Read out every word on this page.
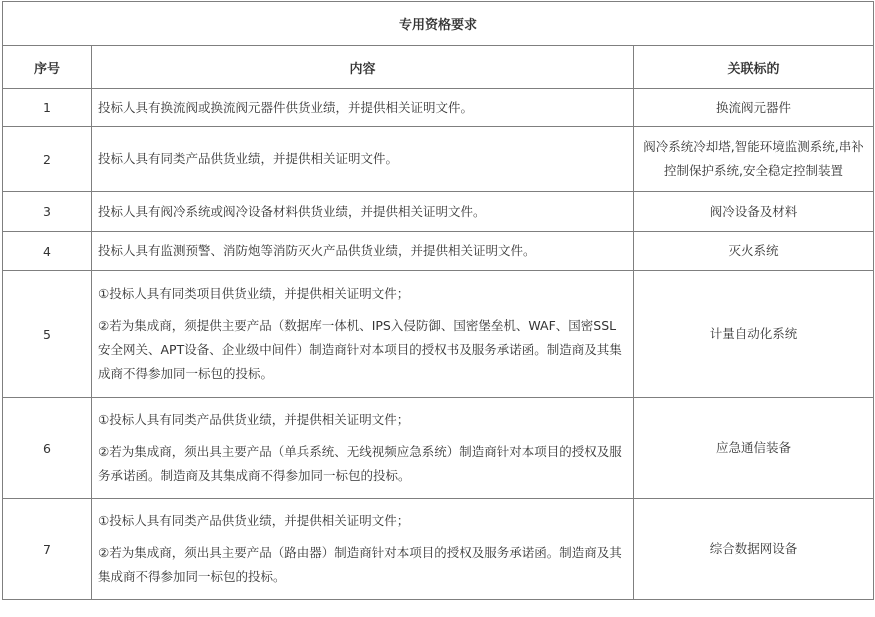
专用资格要求		
序号	内容	关联标的
1	投标人具有换流阀或换流阀元器件供货业绩，并提供相关证明文件。	换流阀元器件
2	投标人具有同类产品供货业绩，并提供相关证明文件。	阀冷系统冷却塔,智能环境监测系统,串补控制保护系统,安全稳定控制装置
3	投标人具有阀冷系统或阀冷设备材料供货业绩，并提供相关证明文件。	阀冷设备及材料
4	投标人具有监测预警、消防炮等消防灭火产品供货业绩，并提供相关证明文件。	灭火系统
5	①投标人具有同类项目供货业绩，并提供相关证明文件；

②若为集成商，须提供主要产品（数据库一体机、IPS入侵防御、国密堡垒机、WAF、国密SSL安全网关、APT设备、企业级中间件）制造商针对本项目的授权书及服务承诺函。制造商及其集成商不得参加同一标包的投标。	计量自动化系统
6	①投标人具有同类产品供货业绩，并提供相关证明文件；

②若为集成商，须出具主要产品（单兵系统、无线视频应急系统）制造商针对本项目的授权及服务承诺函。制造商及其集成商不得参加同一标包的投标。	应急通信装备
7	①投标人具有同类产品供货业绩，并提供相关证明文件；

②若为集成商，须出具主要产品（路由器）制造商针对本项目的授权及服务承诺函。制造商及其集成商不得参加同一标包的投标。	综合数据网设备
